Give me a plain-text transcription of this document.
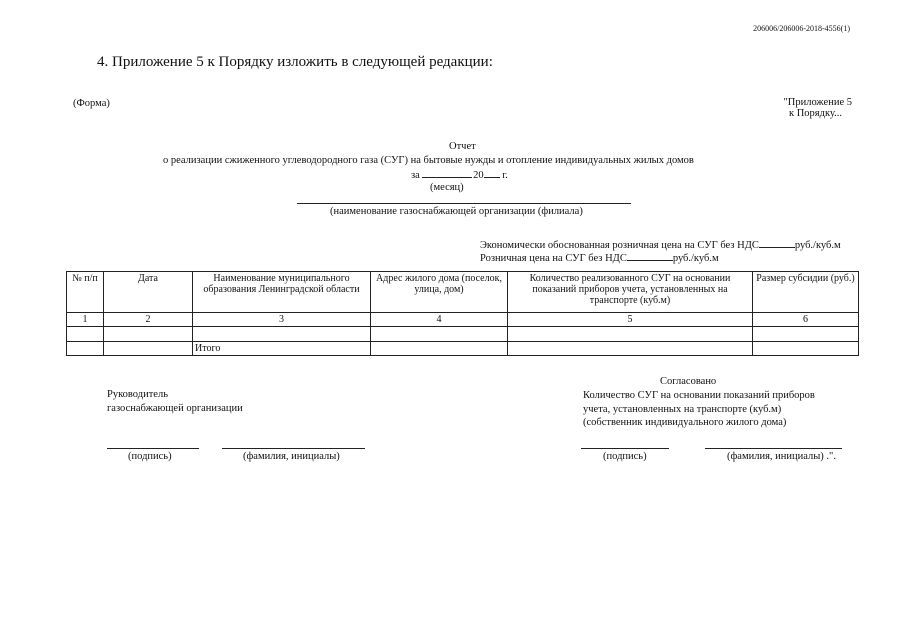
206006/206006-2018-4556(1)
4. Приложение 5 к Порядку изложить в следующей редакции:
(Форма)	"Приложение 5
к Порядку...
Отчет
о реализации сжиженного углеводородного газа (СУГ) на бытовые нужды и отопление индивидуальных жилых домов
за	20 г.
(месяц)
(наименование газоснабжающей организации (филиала)
Экономически обоснованная розничная цена на СУГ без НДС	руб./куб.м
Розничная цена на СУГ без НДС	руб./куб.м
№ п/п	Дата	Наименование муниципального образования Ленинградской области	Адрес жилого дома (поселок, улица, дом)	Количество реализованного СУГ на основании показаний приборов учета, установленных на транспорте (куб.м)	Размер субсидии (руб.)
1	2	3	4	5	6

		Итого			
Руководитель
газоснабжающей организации
(подпись)	(фамилия, инициалы)
Согласовано
Количество СУГ на основании показаний приборов
учета, установленных на транспорте (куб.м)
(собственник индивидуального жилого дома)
(подпись)	(фамилия, инициалы) .".
